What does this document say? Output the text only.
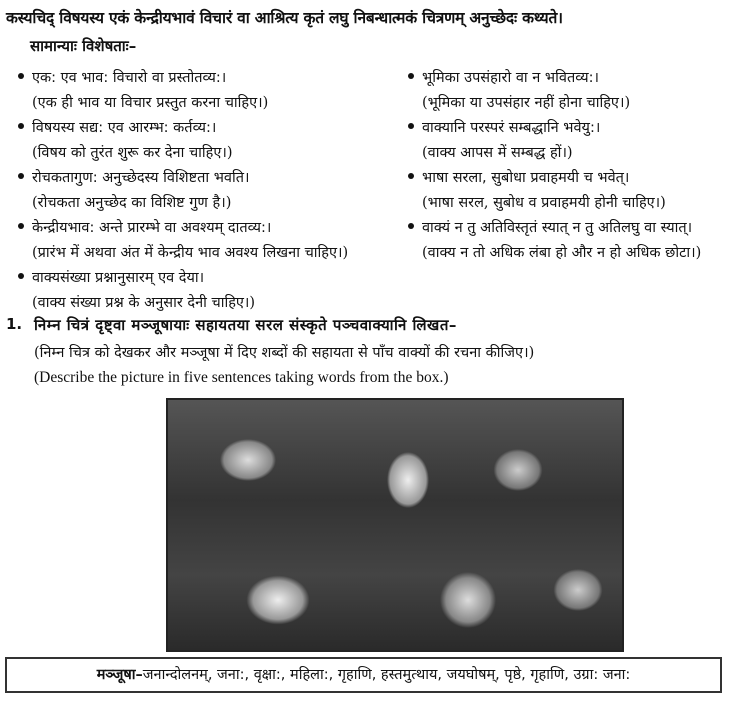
कस्यचिद् विषयस्य एकं केन्द्रीयभावं विचारं वा आश्रित्य कृतं लघु निबन्धात्मकं चित्रणम् अनुच्छेदः कथ्यते।
सामान्याः विशेषताः–
एक: एव भाव: विचारो वा प्रस्तोतव्य:।
(एक ही भाव या विचार प्रस्तुत करना चाहिए।)
विषयस्य सद्य: एव आरम्भ: कर्तव्य:।
(विषय को तुरंत शुरू कर देना चाहिए।)
रोचकतागुण: अनुच्छेदस्य विशिष्टता भवति।
(रोचकता अनुच्छेद का विशिष्ट गुण है।)
केन्द्रीयभाव: अन्ते प्रारम्भे वा अवश्यम् दातव्य:।
(प्रारंभ में अथवा अंत में केन्द्रीय भाव अवश्य लिखना चाहिए।)
वाक्यसंख्या प्रश्नानुसारम् एव देया।
(वाक्य संख्या प्रश्न के अनुसार देनी चाहिए।)
भूमिका उपसंहारो वा न भवितव्य:।
(भूमिका या उपसंहार नहीं होना चाहिए।)
वाक्यानि परस्परं सम्बद्धानि भवेयु:।
(वाक्य आपस में सम्बद्ध हों।)
भाषा सरला, सुबोधा प्रवाहमयी च भवेत्।
(भाषा सरल, सुबोध व प्रवाहमयी होनी चाहिए।)
वाक्यं न तु अतिविस्तृतं स्यात् न तु अतिलघु वा स्यात्।
(वाक्य न तो अधिक लंबा हो और न हो अधिक छोटा।)
1. निम्न चित्रं दृष्ट्वा मञ्जूषायाः सहायतया सरल संस्कृते पञ्चवाक्यानि लिखत–
(निम्न चित्र को देखकर और मञ्जूषा में दिए शब्दों की सहायता से पाँच वाक्यों की रचना कीजिए।)
(Describe the picture in five sentences taking words from the box.)
मञ्जूषा–जनान्दोलनम्, जना:, वृक्षा:, महिला:, गृहाणि, हस्तमुत्थाय, जयघोषम्, पृष्ठे, गृहाणि, उग्रा: जना:
